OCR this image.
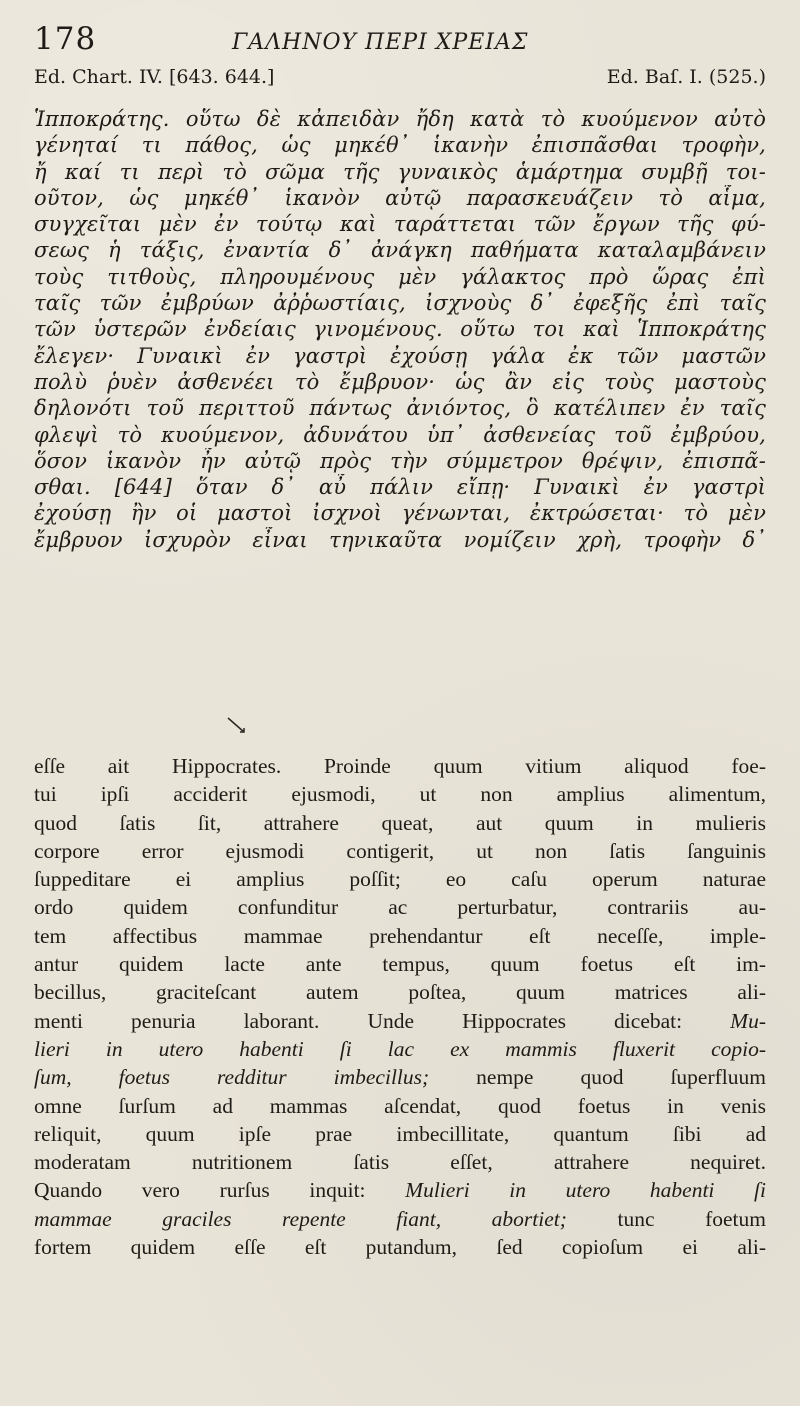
178	ΓΑΛΗΝΟΥ ΠΕΡΙ ΧΡΕΙΑΣ
Ed. Chart. IV. [643. 644.]	Ed. Baſ. I. (525.)
Ἱπποκράτης. οὕτω δὲ κἀπειδὰν ἤδη κατὰ τὸ κυούμενον αὐτὸ
γένηταί τι πάθος, ὡς μηκέθ᾽ ἱκανὴν ἐπισπᾶσθαι τροφὴν,
ἤ καί τι περὶ τὸ σῶμα τῆς γυναικὸς ἁμάρτημα συμβῇ τοι-
οῦτον, ὡς μηκέθ᾽ ἱκανὸν αὐτῷ παρασκευάζειν τὸ αἷμα,
συγχεῖται μὲν ἐν τούτῳ καὶ ταράττεται τῶν ἔργων τῆς φύ-
σεως ἡ τάξις, ἐναντία δ᾽ ἀνάγκη παθήματα καταλαμβάνειν
τοὺς τιτθοὺς, πληρουμένους μὲν γάλακτος πρὸ ὥρας ἐπὶ
ταῖς τῶν ἐμβρύων ἀῤῥωστίαις, ἰσχνοὺς δ᾽ ἐφεξῆς ἐπὶ ταῖς
τῶν ὑστερῶν ἐνδείαις γινομένους. οὕτω τοι καὶ Ἱπποκράτης
ἔλεγεν· Γυναικὶ ἐν γαστρὶ ἐχούσῃ γάλα ἐκ τῶν μαστῶν
πολὺ ῥυὲν ἀσθενέει τὸ ἔμβρυον· ὡς ἂν εἰς τοὺς μαστοὺς
δηλονότι τοῦ περιττοῦ πάντως ἀνιόντος, ὃ κατέλιπεν ἐν ταῖς
φλεψὶ τὸ κυούμενον, ἀδυνάτου ὑπ᾽ ἀσθενείας τοῦ ἐμβρύου,
ὅσον ἱκανὸν ἦν αὐτῷ πρὸς τὴν σύμμετρον θρέψιν, ἐπισπᾶ-
σθαι. [644] ὅταν δ᾽ αὖ πάλιν εἴπῃ· Γυναικὶ ἐν γαστρὶ
ἐχούσῃ ἢν οἱ μαστοὶ ἰσχνοὶ γένωνται, ἐκτρώσεται· τὸ μὲν
ἔμβρυον ἰσχυρὸν εἶναι τηνικαῦτα νομίζειν χρὴ, τροφὴν δ᾽
eſſe ait Hippocrates. Proinde quum vitium aliquod foe-
tui ipſi acciderit ejusmodi, ut non amplius alimentum,
quod ſatis ſit, attrahere queat, aut quum in mulieris
corpore error ejusmodi contigerit, ut non ſatis ſanguinis
ſuppeditare ei amplius poſſit; eo caſu operum naturae
ordo quidem confunditur ac perturbatur, contrariis au-
tem affectibus mammae prehendantur eſt neceſſe, imple-
antur quidem lacte ante tempus, quum foetus eſt im-
becillus, graciteſcant autem poſtea, quum matrices ali-
menti penuria laborant. Unde Hippocrates dicebat: Mu-
lieri in utero habenti ſi lac ex mammis fluxerit copio-
ſum, foetus redditur imbecillus; nempe quod ſuperfluum
omne ſurſum ad mammas aſcendat, quod foetus in venis
reliquit, quum ipſe prae imbecillitate, quantum ſibi ad
moderatam nutritionem ſatis eſſet, attrahere nequiret.
Quando vero rurſus inquit: Mulieri in utero habenti ſi
mammae graciles repente fiant, abortiet; tunc foetum
fortem quidem eſſe eſt putandum, ſed copioſum ei ali-
